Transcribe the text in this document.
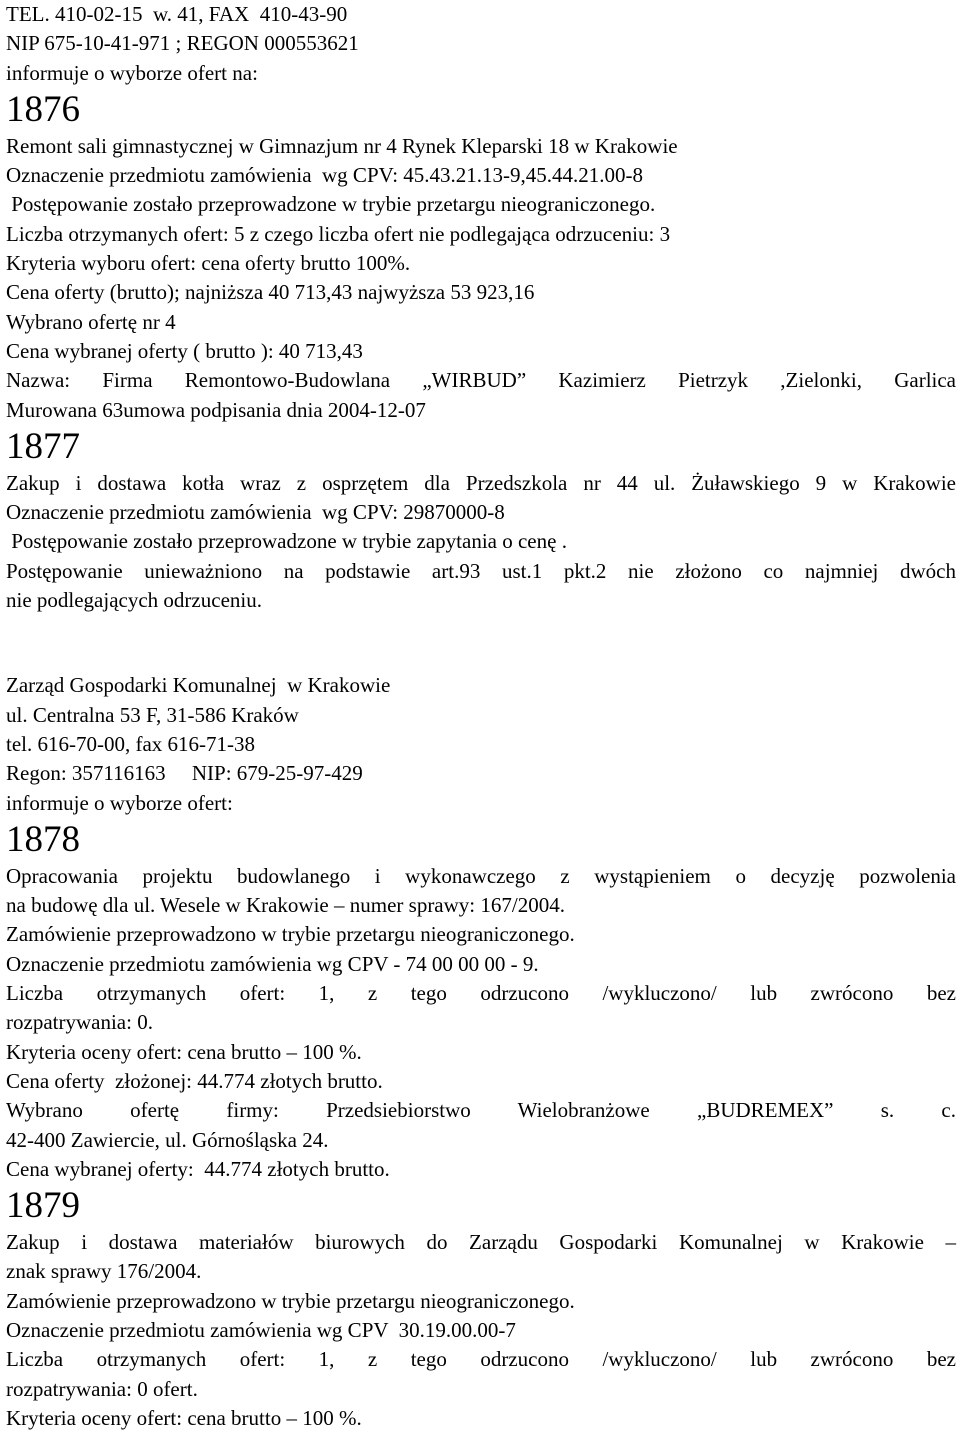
TEL. 410-02-15  w. 41, FAX  410-43-90
NIP 675-10-41-971 ; REGON 000553621
informuje o wyborze ofert na:
1876
Remont sali gimnastycznej w Gimnazjum nr 4 Rynek Kleparski 18 w Krakowie
Oznaczenie przedmiotu zamówienia  wg CPV: 45.43.21.13-9,45.44.21.00-8
Postępowanie zostało przeprowadzone w trybie przetargu nieograniczonego.
Liczba otrzymanych ofert: 5 z czego liczba ofert nie podlegająca odrzuceniu: 3
Kryteria wyboru ofert: cena oferty brutto 100%.
Cena oferty (brutto); najniższa 40 713,43 najwyższa 53 923,16
Wybrano ofertę nr 4
Cena wybranej oferty ( brutto ): 40 713,43
Nazwa: Firma Remontowo-Budowlana „WIRBUD” Kazimierz Pietrzyk ,Zielonki, Garlica
Murowana 63umowa podpisania dnia 2004-12-07
1877
Zakup i dostawa kotła wraz z osprzętem dla Przedszkola nr 44 ul. Żuławskiego 9 w Krakowie
Oznaczenie przedmiotu zamówienia  wg CPV: 29870000-8
Postępowanie zostało przeprowadzone w trybie zapytania o cenę .
Postępowanie unieważniono na podstawie art.93 ust.1 pkt.2 nie złożono co najmniej dwóch
nie podlegających odrzuceniu.
Zarząd Gospodarki Komunalnej  w Krakowie
ul. Centralna 53 F, 31-586 Kraków
tel. 616-70-00, fax 616-71-38
Regon: 357116163     NIP: 679-25-97-429
informuje o wyborze ofert:
1878
Opracowania projektu budowlanego i wykonawczego z wystąpieniem o decyzję pozwolenia
na budowę dla ul. Wesele w Krakowie – numer sprawy: 167/2004.
Zamówienie przeprowadzono w trybie przetargu nieograniczonego.
Oznaczenie przedmiotu zamówienia wg CPV - 74 00 00 00 - 9.
Liczba otrzymanych ofert: 1, z tego odrzucono /wykluczono/ lub zwrócono bez
rozpatrywania: 0.
Kryteria oceny ofert: cena brutto – 100 %.
Cena oferty  złożonej: 44.774 złotych brutto.
Wybrano ofertę firmy: Przedsiebiorstwo Wielobranżowe „BUDREMEX” s. c.
42-400 Zawiercie, ul. Górnośląska 24.
Cena wybranej oferty:  44.774 złotych brutto.
1879
Zakup i dostawa materiałów biurowych do Zarządu Gospodarki Komunalnej w Krakowie –
znak sprawy 176/2004.
Zamówienie przeprowadzono w trybie przetargu nieograniczonego.
Oznaczenie przedmiotu zamówienia wg CPV  30.19.00.00-7
Liczba otrzymanych ofert: 1, z tego odrzucono /wykluczono/ lub zwrócono bez
rozpatrywania: 0 ofert.
Kryteria oceny ofert: cena brutto – 100 %.
